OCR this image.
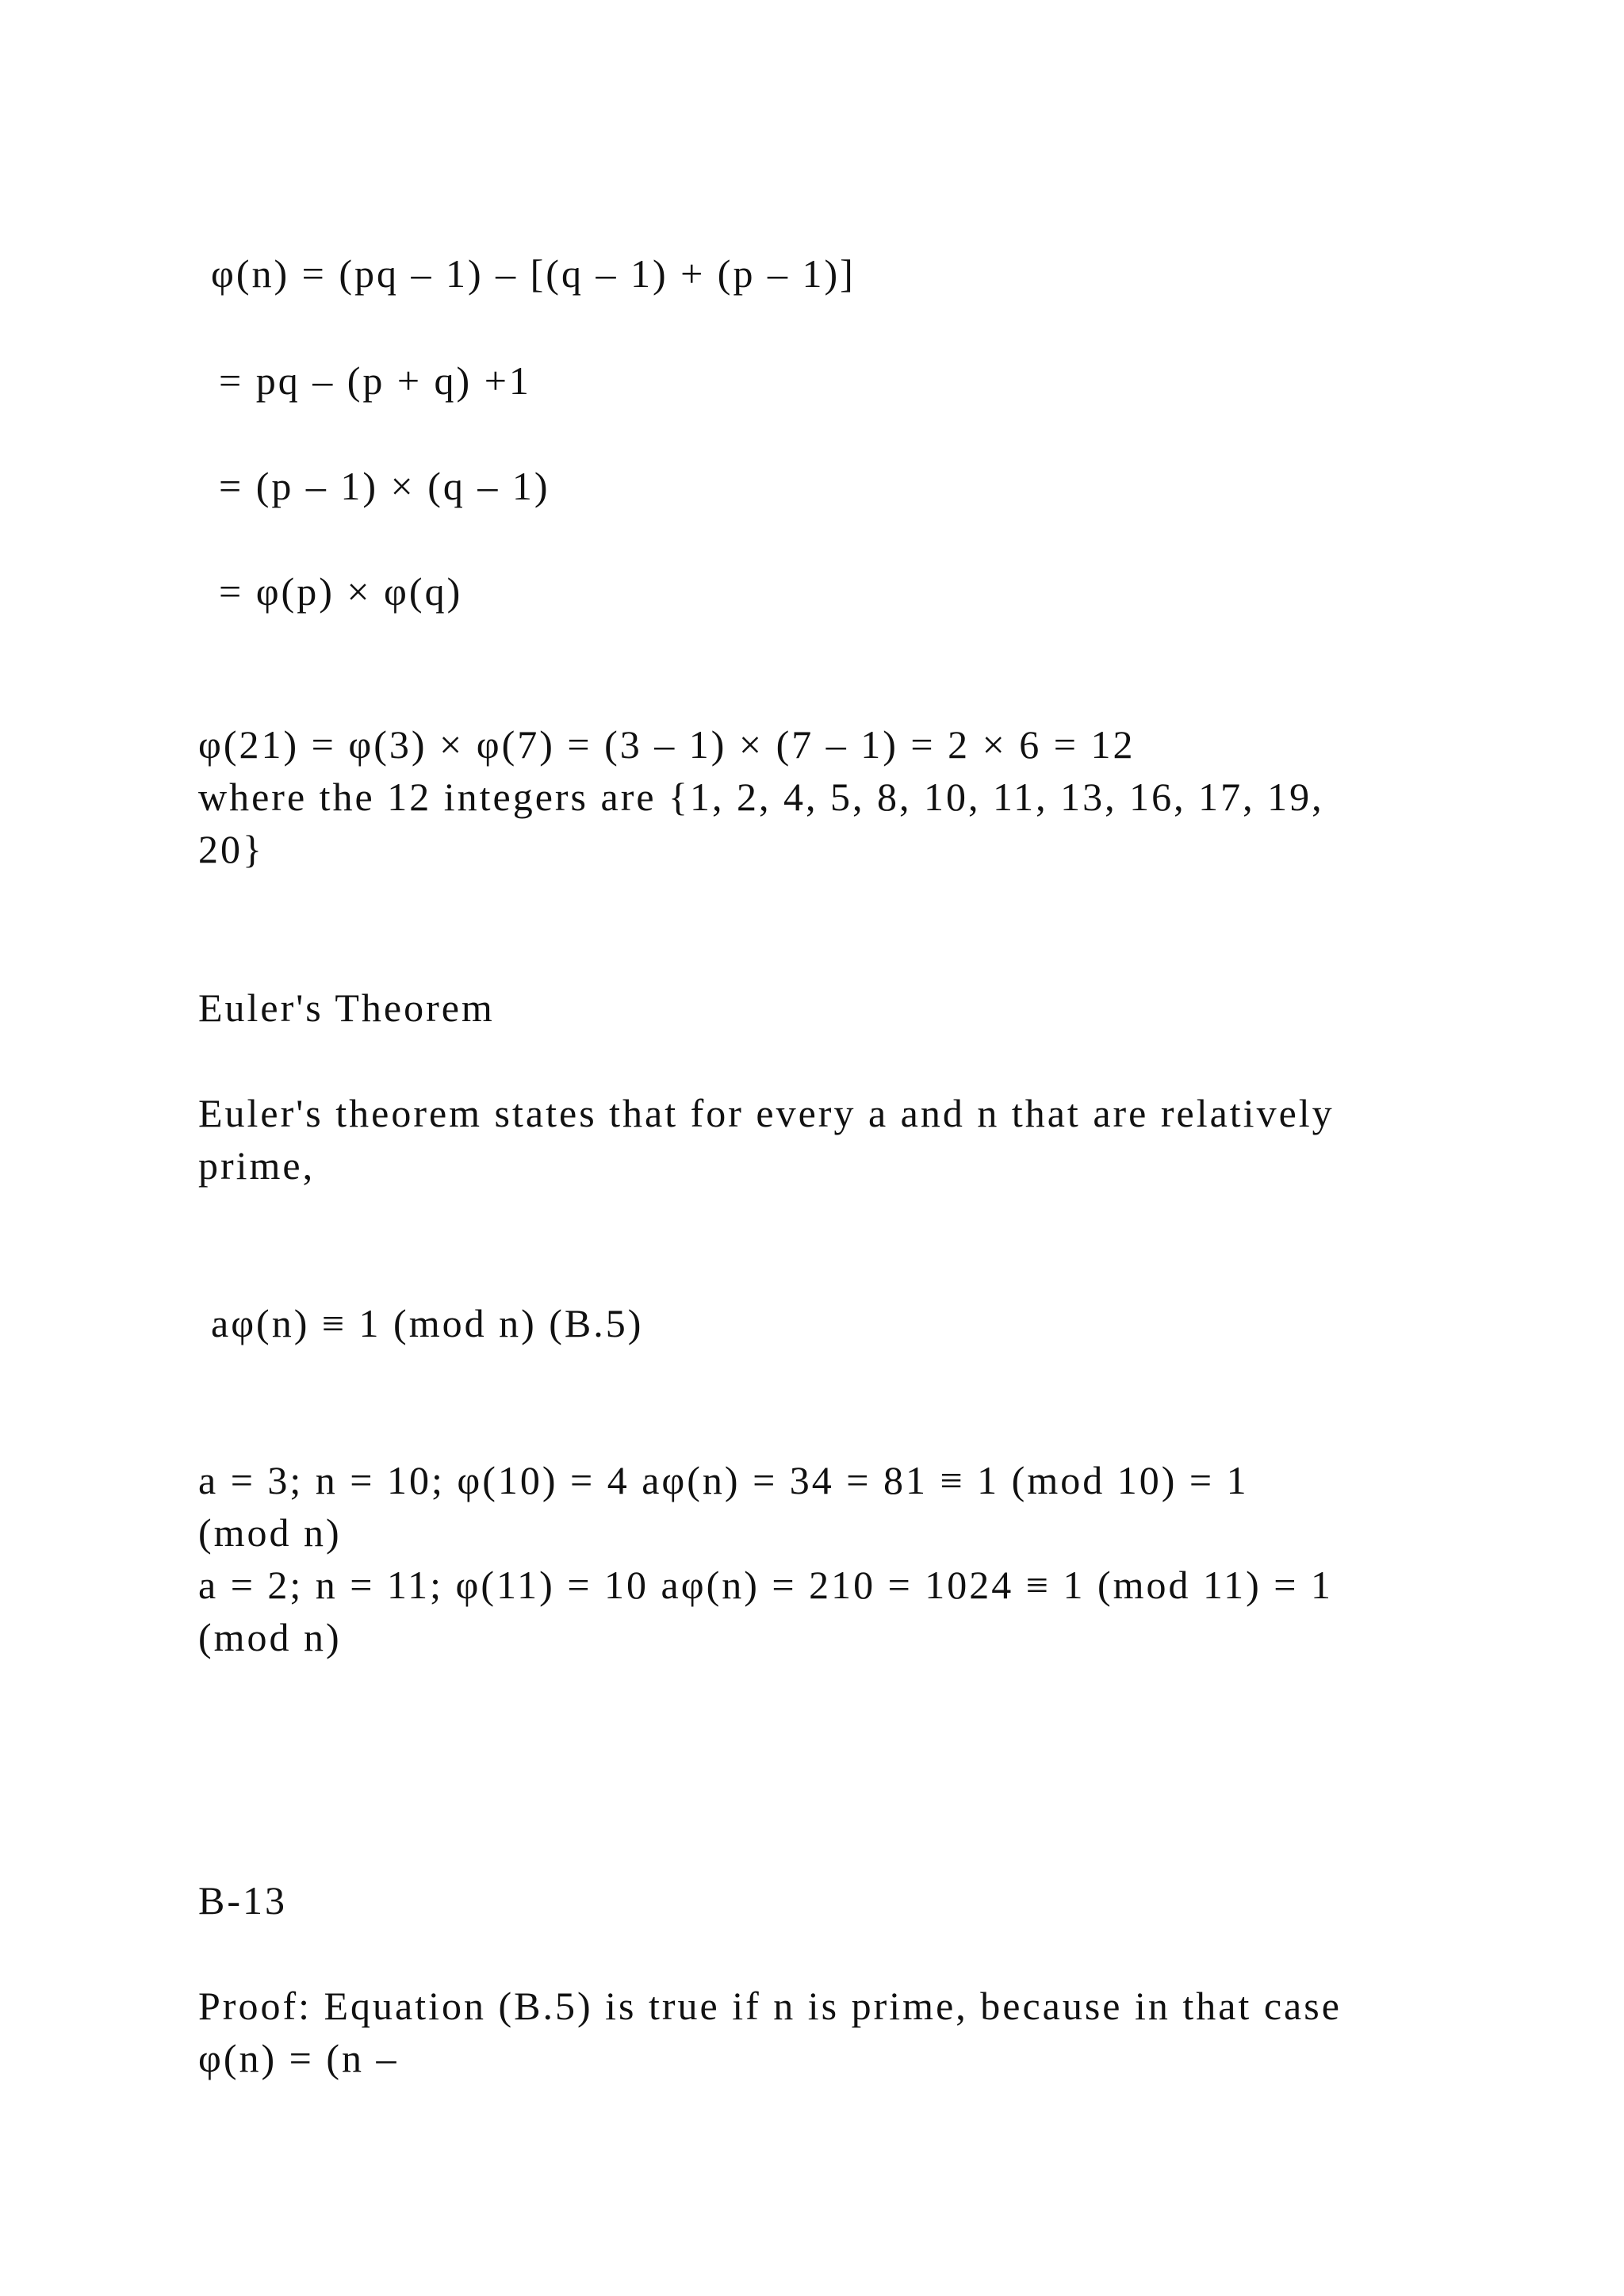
φ(n) = (pq – 1) – [(q – 1) + (p – 1)]

= pq – (p + q) +1

= (p – 1) × (q – 1)

= φ(p) × φ(q)

φ(21) = φ(3) × φ(7) = (3 – 1) × (7 – 1) = 2 × 6 = 12

where the 12 integers are {1, 2, 4, 5, 8, 10, 11, 13, 16, 17, 19,

20}

Euler's Theorem

Euler's theorem states that for every a and n that are relatively

prime,

aφ(n) ≡ 1 (mod n) (B.5)

a = 3; n = 10; φ(10) = 4 aφ(n) = 34 = 81 ≡ 1 (mod 10) = 1

(mod n)

a = 2; n = 11; φ(11) = 10 aφ(n) = 210 = 1024 ≡ 1 (mod 11) = 1

(mod n)

B-13

Proof: Equation (B.5) is true if n is prime, because in that case

φ(n) = (n –
